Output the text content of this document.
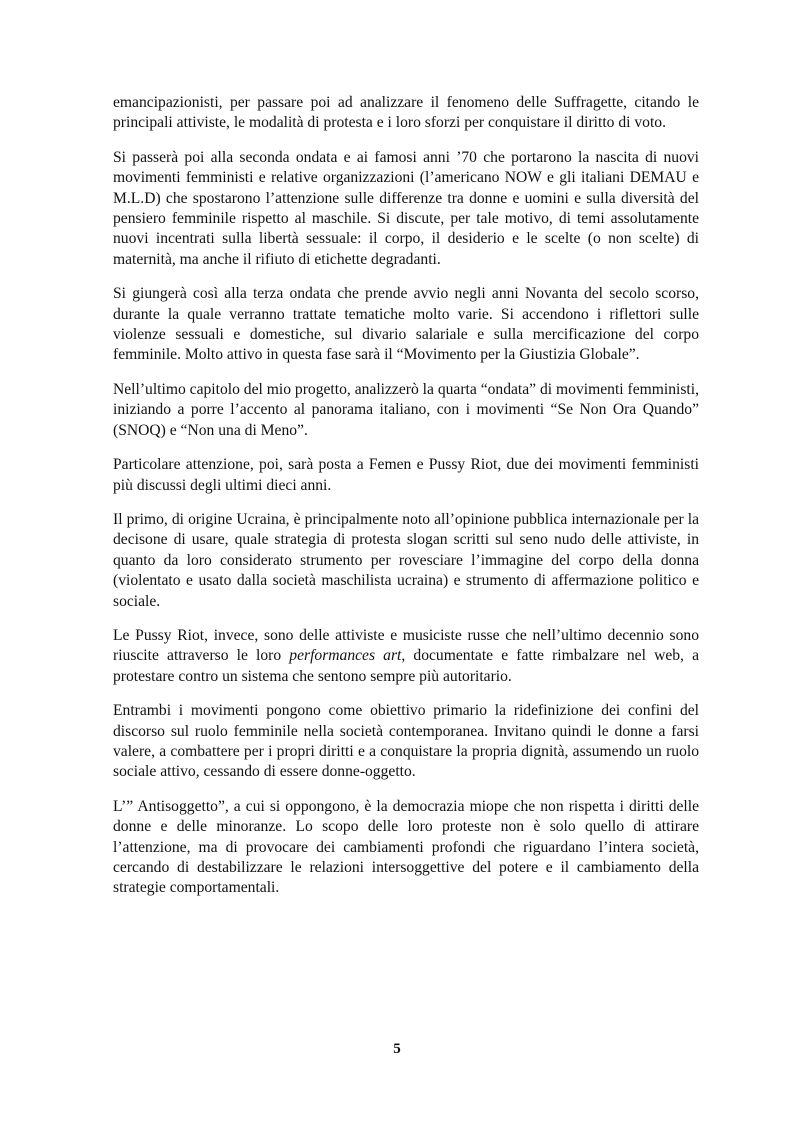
emancipazionisti, per passare poi ad analizzare il fenomeno delle Suffragette, citando le principali attiviste, le modalità di protesta e i loro sforzi per conquistare il diritto di voto.

Si passerà poi alla seconda ondata e ai famosi anni ’70 che portarono la nascita di nuovi movimenti femministi e relative organizzazioni (l’americano NOW e gli italiani DEMAU e M.L.D) che spostarono l’attenzione sulle differenze tra donne e uomini e sulla diversità del pensiero femminile rispetto al maschile. Si discute, per tale motivo, di temi assolutamente nuovi incentrati sulla libertà sessuale: il corpo, il desiderio e le scelte (o non scelte) di maternità, ma anche il rifiuto di etichette degradanti.

Si giungerà così alla terza ondata che prende avvio negli anni Novanta del secolo scorso, durante la quale verranno trattate tematiche molto varie. Si accendono i riflettori sulle violenze sessuali e domestiche, sul divario salariale e sulla mercificazione del corpo femminile. Molto attivo in questa fase sarà il “Movimento per la Giustizia Globale”.

Nell’ultimo capitolo del mio progetto, analizzerò la quarta “ondata” di movimenti femministi, iniziando a porre l’accento al panorama italiano, con i movimenti “Se Non Ora Quando” (SNOQ) e “Non una di Meno”.

Particolare attenzione, poi, sarà posta a Femen e Pussy Riot, due dei movimenti femministi più discussi degli ultimi dieci anni.

Il primo, di origine Ucraina, è principalmente noto all’opinione pubblica internazionale per la decisone di usare, quale strategia di protesta slogan scritti sul seno nudo delle attiviste, in quanto da loro considerato strumento per rovesciare l’immagine del corpo della donna (violentato e usato dalla società maschilista ucraina) e strumento di affermazione politico e sociale.

Le Pussy Riot, invece, sono delle attiviste e musiciste russe che nell’ultimo decennio sono riuscite attraverso le loro performances art, documentate e fatte rimbalzare nel web, a protestare contro un sistema che sentono sempre più autoritario.

Entrambi i movimenti pongono come obiettivo primario la ridefinizione dei confini del discorso sul ruolo femminile nella società contemporanea. Invitano quindi le donne a farsi valere, a combattere per i propri diritti e a conquistare la propria dignità, assumendo un ruolo sociale attivo, cessando di essere donne-oggetto.

L’” Antisoggetto”, a cui si oppongono, è la democrazia miope che non rispetta i diritti delle donne e delle minoranze. Lo scopo delle loro proteste non è solo quello di attirare l’attenzione, ma di provocare dei cambiamenti profondi che riguardano l’intera società, cercando di destabilizzare le relazioni intersoggettive del potere e il cambiamento della strategie comportamentali.

5
